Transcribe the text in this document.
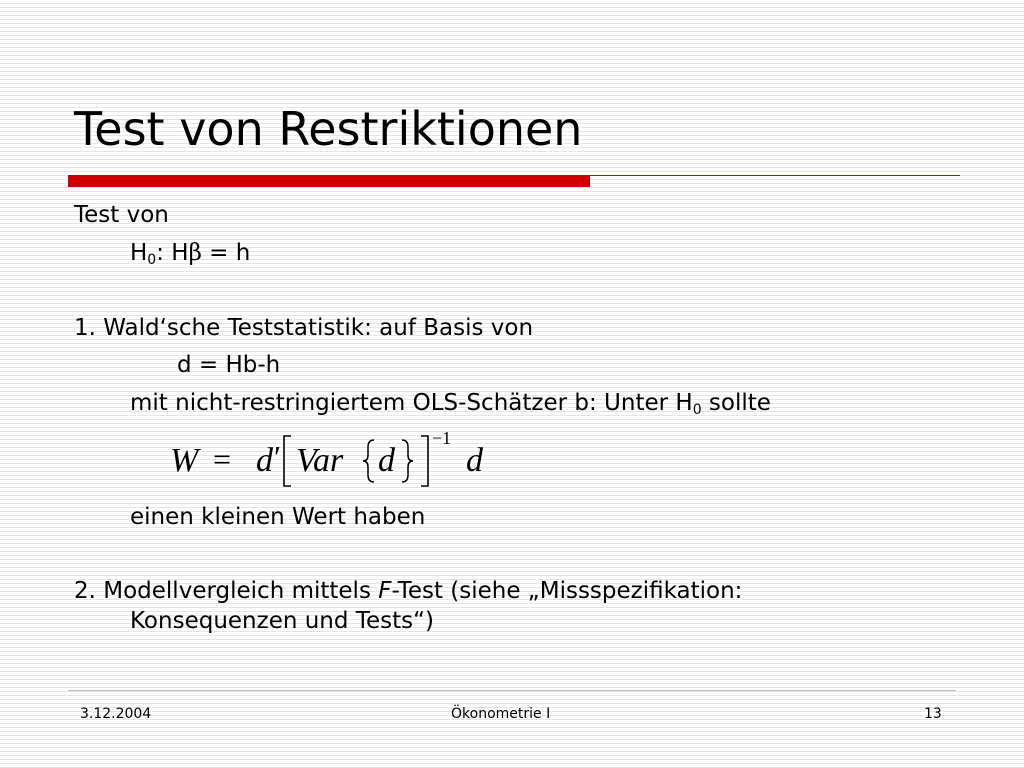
Test von Restriktionen
Test von
$H_0$: Hβ = h
1. Wald‘sche Teststatistik: auf Basis von
d = Hb-h
mit nicht-restringiertem OLS-Schätzer b: Unter $H_0$ sollte
W d Var d d
= ′
−1
einen kleinen Wert haben
2. Modellvergleich mittels F-Test (siehe „Missspezifikation:
Konsequenzen und Tests“)
3.12.2004	Ökonometrie I	13
